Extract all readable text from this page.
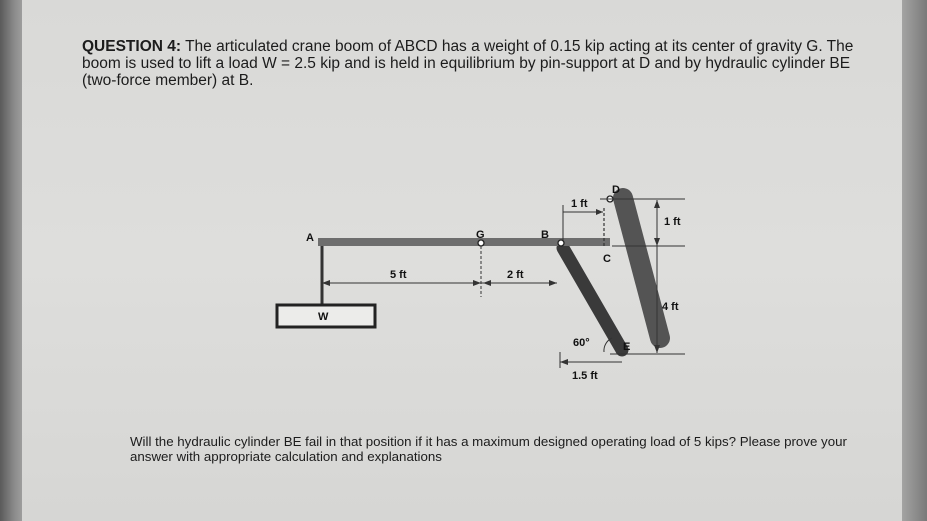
QUESTION 4: The articulated crane boom of ABCD has a weight of 0.15 kip acting at its center of gravity G. The boom is used to lift a load W = 2.5 kip and is held in equilibrium by pin-support at D and by hydraulic cylinder BE (two-force member) at B.
A	G	B
C
D
E
W
5 ft	2 ft
1 ft
1 ft
4 ft
1.5 ft
60°
Will the hydraulic cylinder BE fail in that position if it has a maximum designed operating load of 5 kips? Please prove your answer with appropriate calculation and explanations
